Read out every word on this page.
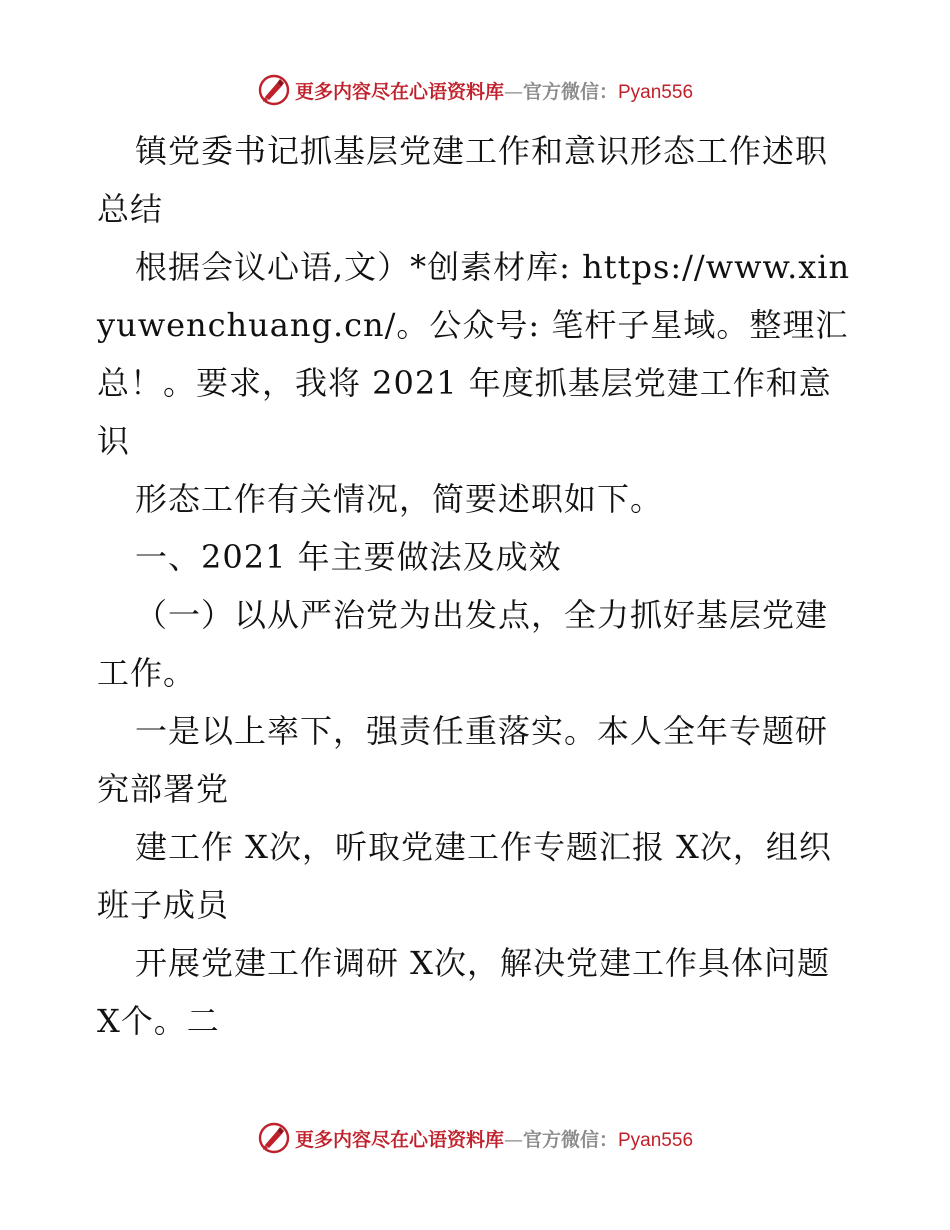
更多内容尽在心语资料库—官方微信：Pyan556

镇党委书记抓基层党建工作和意识形态工作述职总结

根据会议心语,文）*创素材库: https://www.xinyuwenchuang.cn/。公众号: 笔杆子星域。整理汇总！。要求，我将 2021 年度抓基层党建工作和意识

形态工作有关情况，简要述职如下。

一、2021 年主要做法及成效

（一）以从严治党为出发点，全力抓好基层党建工作。

一是以上率下，强责任重落实。本人全年专题研究部署党

建工作 X次，听取党建工作专题汇报 X次，组织班子成员

开展党建工作调研 X次，解决党建工作具体问题 X个。二

更多内容尽在心语资料库—官方微信：Pyan556
